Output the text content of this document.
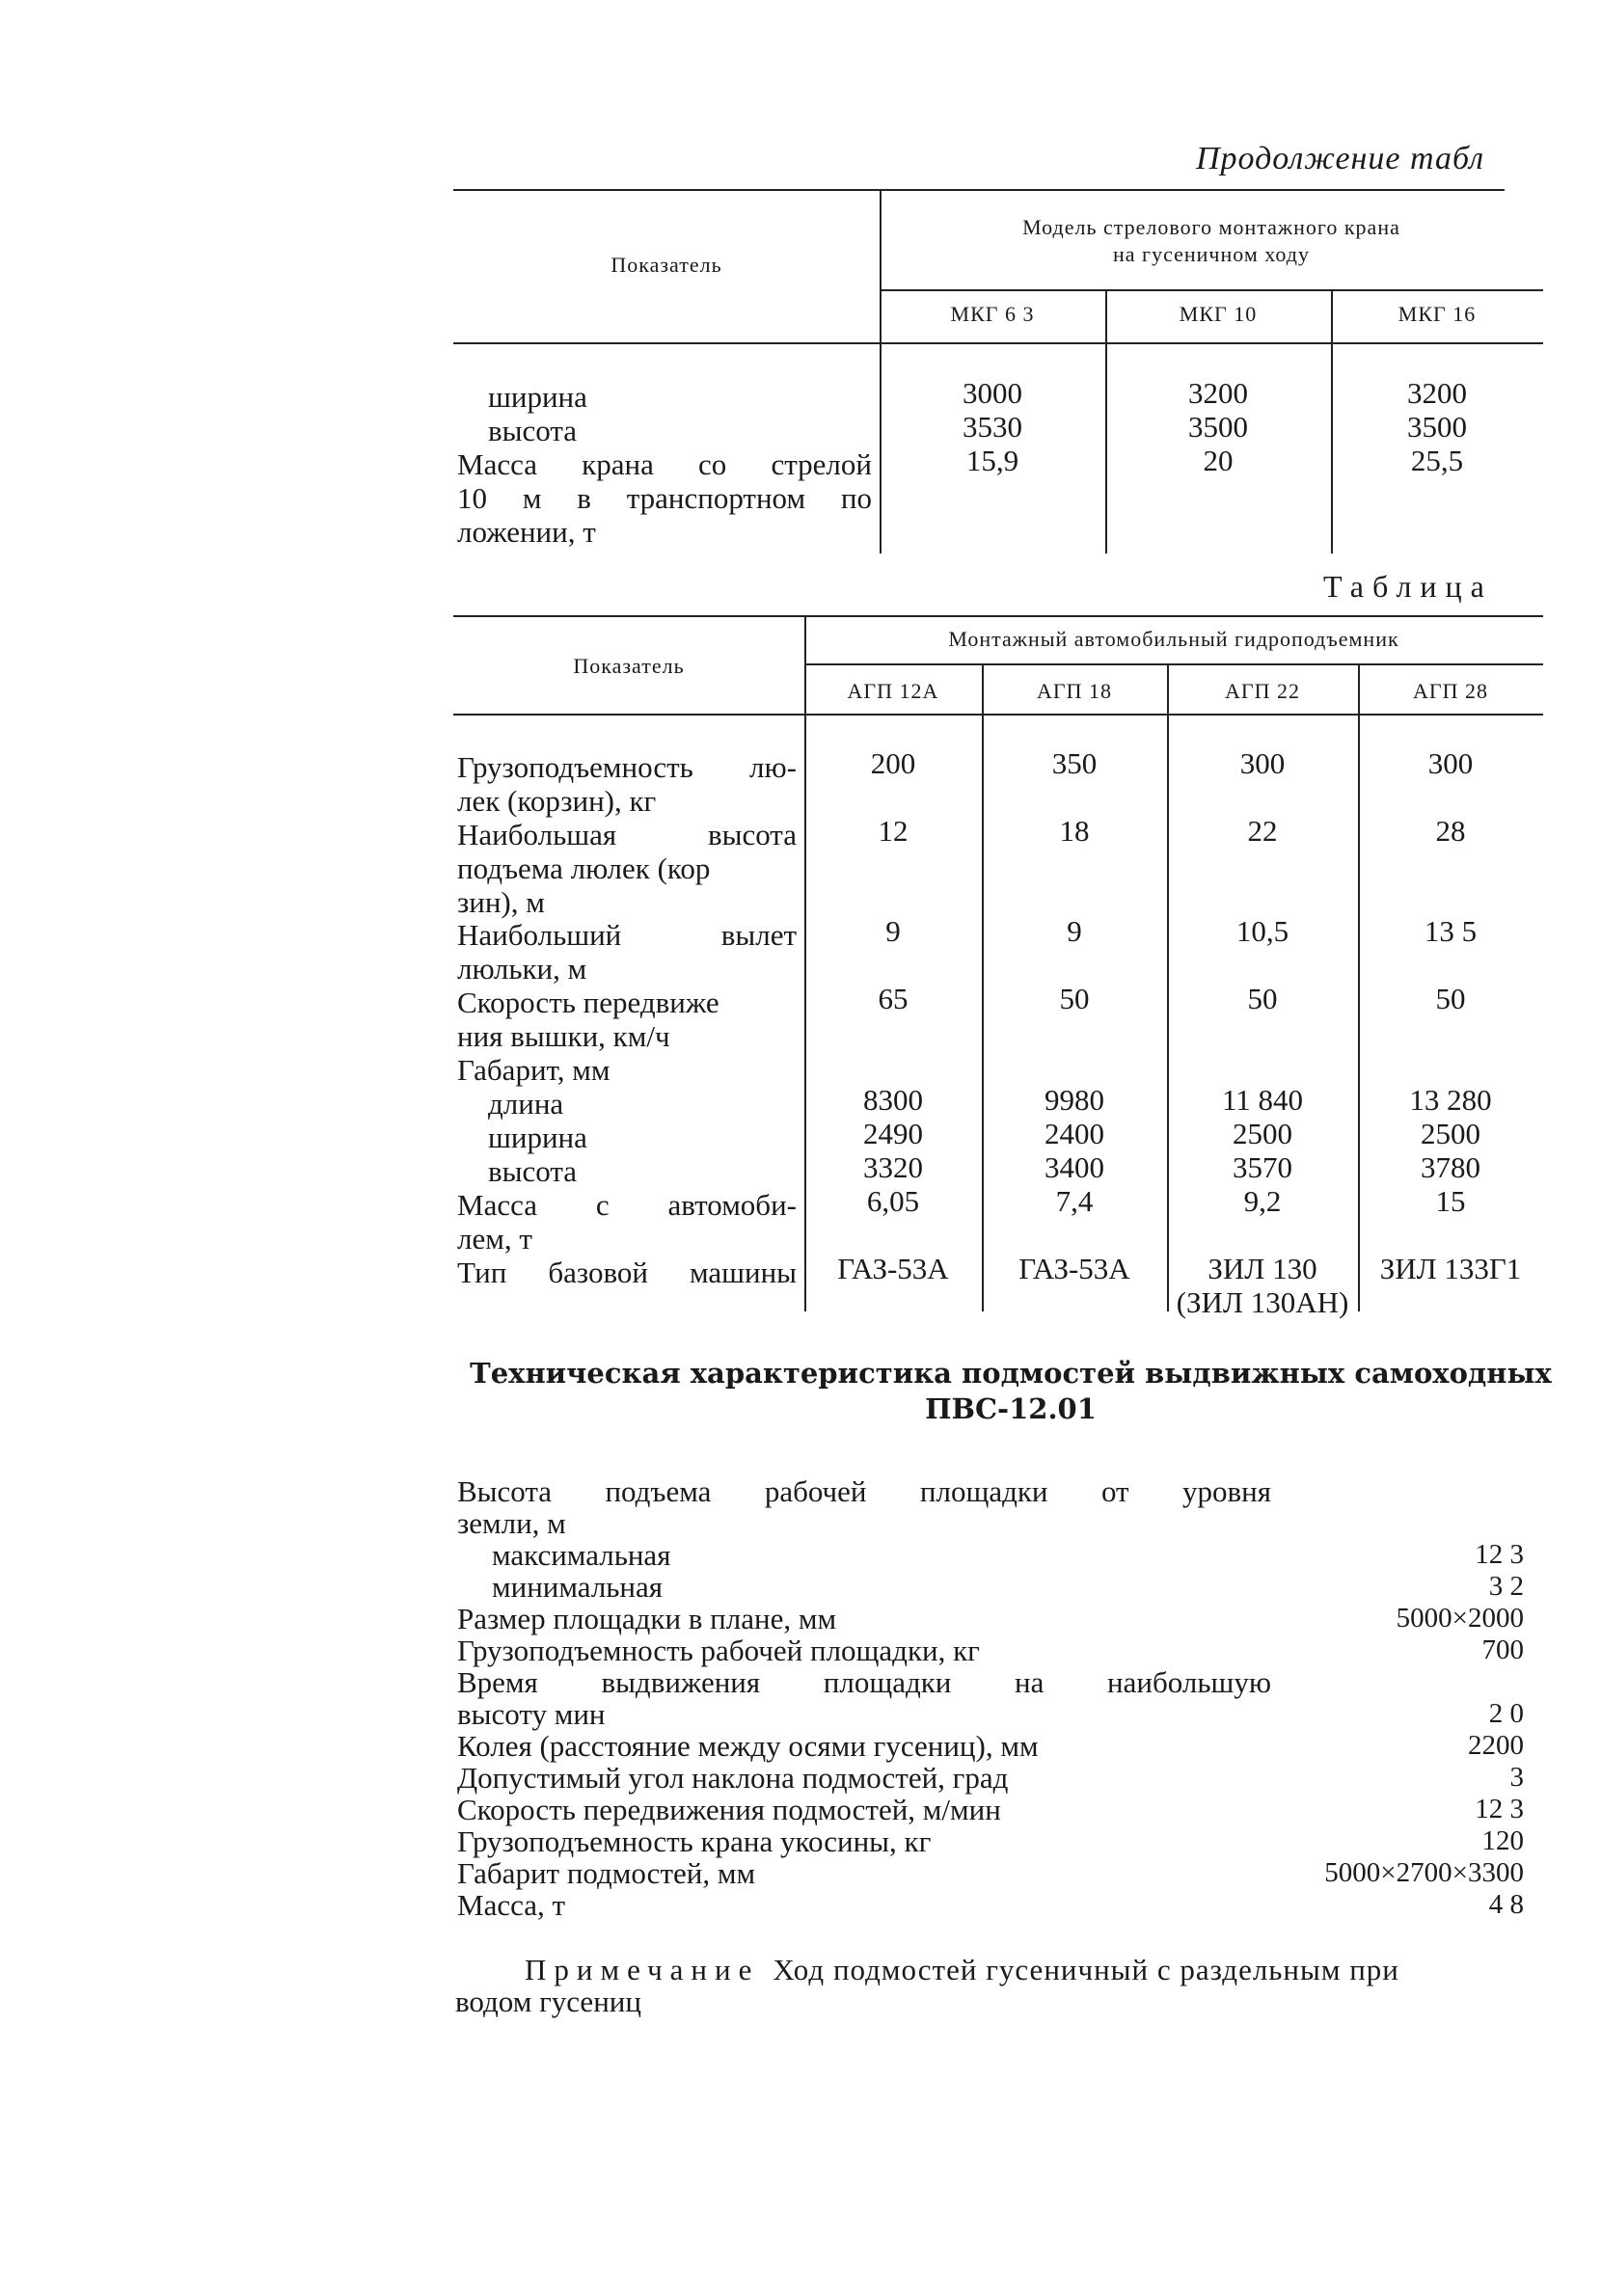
Продолжение табл
Показатель
Модель стрелового монтажного крана
на гусеничном ходу
МКГ 6 3	МКГ 10	МКГ 16
ширина	3000	3200	3200
высота	3530	3500	3500
Масса крана со стрелой
10 м в транспортном по
ложении, т
15,9	20	25,5
Таблица
Показатель
Монтажный автомобильный гидроподъемник
АГП 12А	АГП 18	АГП 22	АГП 28
Грузоподъемность лю-
лек (корзин), кг
200	350	300	300
Наибольшая высота
подъема люлек (кор
зин), м
12	18	22	28
Наибольший вылет
люльки, м
9	9	10,5	13 5
Скорость передвиже
ния вышки, км/ч
65	50	50	50
Габарит, мм
длина	8300	9980	11 840	13 280
ширина	2490	2400	2500	2500
высота	3320	3400	3570	3780
Масса с автомоби-
лем, т
6,05	7,4	9,2	15
Тип базовой машины	ГАЗ-53А	ГАЗ-53А	ЗИЛ 130	ЗИЛ 133Г1
(ЗИЛ 130АН)
Техническая характеристика подмостей выдвижных самоходных
ПВС-12.01
Высота подъема рабочей площадки от уровня
земли, м
максимальная	12 3
минимальная	3 2
Размер площадки в плане, мм	5000×2000
Грузоподъемность рабочей площадки, кг	700
Время выдвижения площадки на наибольшую
высоту мин	2 0
Колея (расстояние между осями гусениц), мм	2200
Допустимый угол наклона подмостей, град	3
Скорость передвижения подмостей, м/мин	12 3
Грузоподъемность крана укосины, кг	120
Габарит подмостей, мм	5000×2700×3300
Масса, т	4 8
Примечание Ход подмостей гусеничный с раздельным при
водом гусениц
